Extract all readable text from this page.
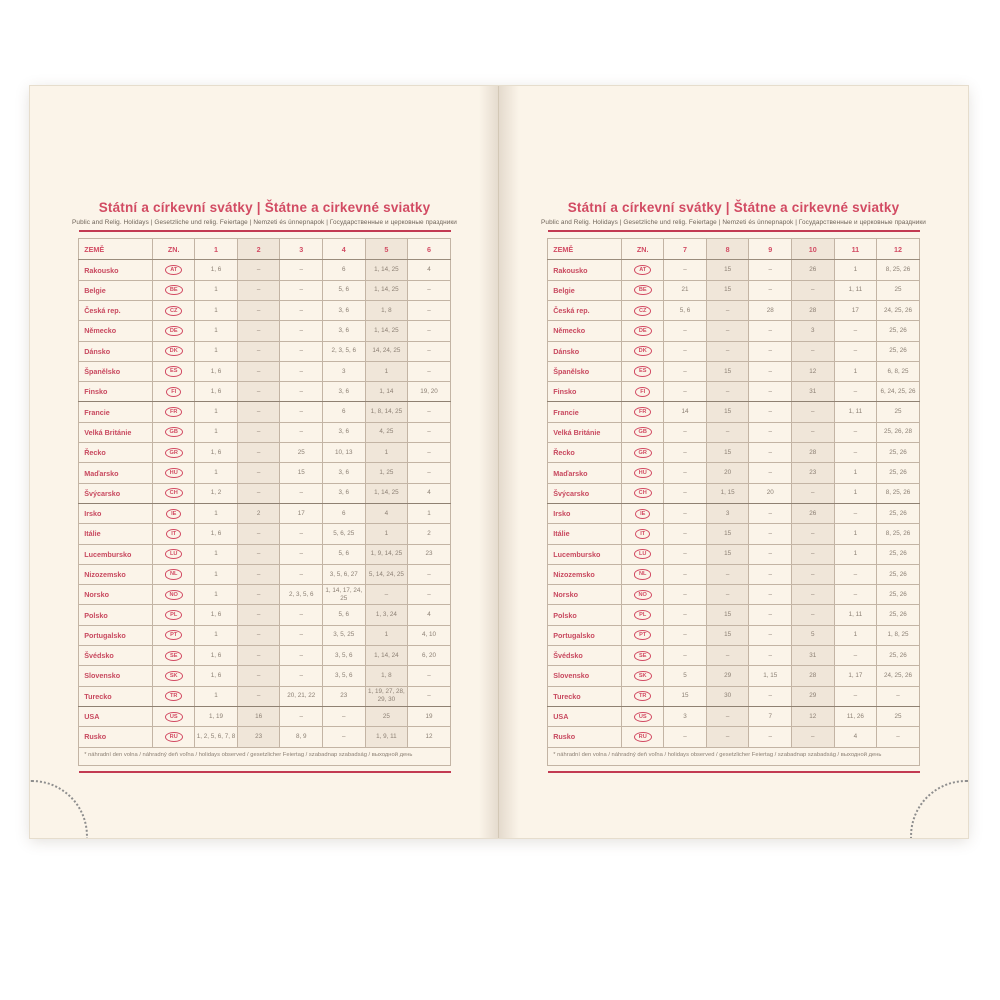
Státní a církevní svátky | Štátne a cirkevné sviatky
Public and Relig. Holidays | Gesetzliche und relig. Feiertage | Nemzeti és ünnepnapok | Государственные и церковные праздники
ZEMĚ	ZN.	1	2	3	4	5	6
Rakousko	AT	1, 6	–	–	6	1, 14, 25	4
Belgie	BE	1	–	–	5, 6	1, 14, 25	–
Česká rep.	CZ	1	–	–	3, 6	1, 8	–
Německo	DE	1	–	–	3, 6	1, 14, 25	–
Dánsko	DK	1	–	–	2, 3, 5, 6	14, 24, 25	–
Španělsko	ES	1, 6	–	–	3	1	–
Finsko	FI	1, 6	–	–	3, 6	1, 14	19, 20
Francie	FR	1	–	–	6	1, 8, 14, 25	–
Velká Británie	GB	1	–	–	3, 6	4, 25	–
Řecko	GR	1, 6	–	25	10, 13	1	–
Maďarsko	HU	1	–	15	3, 6	1, 25	–
Švýcarsko	CH	1, 2	–	–	3, 6	1, 14, 25	4
Irsko	IE	1	2	17	6	4	1
Itálie	IT	1, 6	–	–	5, 6, 25	1	2
Lucembursko	LU	1	–	–	5, 6	1, 9, 14, 25	23
Nizozemsko	NL	1	–	–	3, 5, 6, 27	5, 14, 24, 25	–
Norsko	NO	1	–	2, 3, 5, 6	1, 14, 17, 24, 25	–	–
Polsko	PL	1, 6	–	–	5, 6	1, 3, 24	4
Portugalsko	PT	1	–	–	3, 5, 25	1	4, 10
Švédsko	SE	1, 6	–	–	3, 5, 6	1, 14, 24	6, 20
Slovensko	SK	1, 6	–	–	3, 5, 6	1, 8	–
Turecko	TR	1	–	20, 21, 22	23	1, 19, 27, 28, 29, 30	–
USA	US	1, 19	16	–	–	25	19
Rusko	RU	1, 2, 5, 6, 7, 8	23	8, 9	–	1, 9, 11	12
* náhradní den volna / náhradný deň voľna / holidays observed / gesetzlicher Feiertag / szabadnap szabadság / выходной день							
Státní a církevní svátky | Štátne a cirkevné sviatky
Public and Relig. Holidays | Gesetzliche und relig. Feiertage | Nemzeti és ünnepnapok | Государственные и церковные праздники
ZEMĚ	ZN.	7	8	9	10	11	12
Rakousko	AT	–	15	–	26	1	8, 25, 26
Belgie	BE	21	15	–	–	1, 11	25
Česká rep.	CZ	5, 6	–	28	28	17	24, 25, 26
Německo	DE	–	–	–	3	–	25, 26
Dánsko	DK	–	–	–	–	–	25, 26
Španělsko	ES	–	15	–	12	1	6, 8, 25
Finsko	FI	–	–	–	31	–	6, 24, 25, 26
Francie	FR	14	15	–	–	1, 11	25
Velká Británie	GB	–	–	–	–	–	25, 26, 28
Řecko	GR	–	15	–	28	–	25, 26
Maďarsko	HU	–	20	–	23	1	25, 26
Švýcarsko	CH	–	1, 15	20	–	1	8, 25, 26
Irsko	IE	–	3	–	26	–	25, 26
Itálie	IT	–	15	–	–	1	8, 25, 26
Lucembursko	LU	–	15	–	–	1	25, 26
Nizozemsko	NL	–	–	–	–	–	25, 26
Norsko	NO	–	–	–	–	–	25, 26
Polsko	PL	–	15	–	–	1, 11	25, 26
Portugalsko	PT	–	15	–	5	1	1, 8, 25
Švédsko	SE	–	–	–	31	–	25, 26
Slovensko	SK	5	29	1, 15	28	1, 17	24, 25, 26
Turecko	TR	15	30	–	29	–	–
USA	US	3	–	7	12	11, 26	25
Rusko	RU	–	–	–	–	4	–
* náhradní den volna / náhradný deň voľna / holidays observed / gesetzlicher Feiertag / szabadnap szabadság / выходной день							
